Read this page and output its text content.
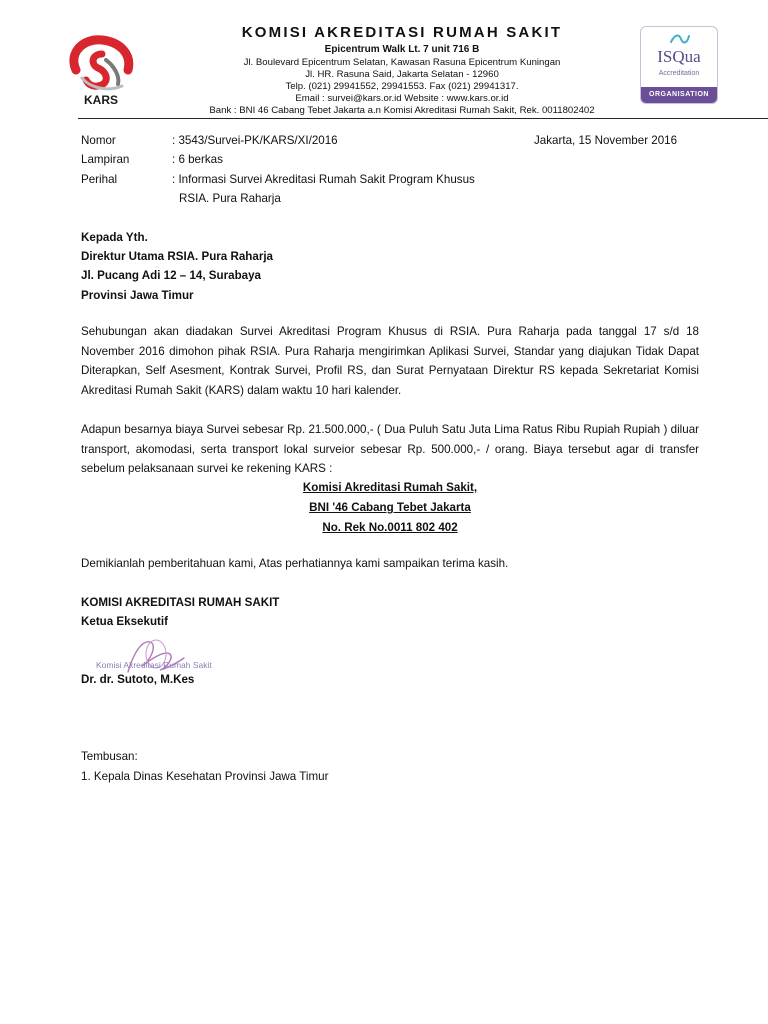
KARS
KOMISI AKREDITASI RUMAH SAKIT
Epicentrum Walk Lt. 7 unit 716 B
Jl. Boulevard Epicentrum Selatan, Kawasan Rasuna Epicentrum Kuningan
Jl. HR. Rasuna Said, Jakarta Selatan - 12960
Telp. (021) 29941552, 29941553. Fax (021) 29941317.
Email : survei@kars.or.id Website : www.kars.or.id
Bank : BNI 46 Cabang Tebet Jakarta a.n Komisi Akreditasi Rumah Sakit, Rek. 0011802402
ISQua
Accreditation
ORGANISATION
Nomor	: 3543/Survei-PK/KARS/XI/2016	Jakarta, 15 November 2016
Lampiran	: 6 berkas
Perihal	: Informasi Survei Akreditasi Rumah Sakit Program Khusus
RSIA. Pura Raharja
Kepada Yth.
Direktur Utama RSIA. Pura Raharja
Jl. Pucang Adi 12 – 14, Surabaya
Provinsi Jawa Timur
Sehubungan akan diadakan Survei Akreditasi Program Khusus di RSIA. Pura Raharja pada tanggal 17 s/d 18 November 2016 dimohon pihak RSIA. Pura Raharja mengirimkan Aplikasi Survei, Standar yang diajukan Tidak Dapat Diterapkan, Self Asesment, Kontrak Survei, Profil RS, dan Surat Pernyataan Direktur RS kepada Sekretariat Komisi Akreditasi Rumah Sakit (KARS) dalam waktu 10 hari kalender.
Adapun besarnya biaya Survei sebesar Rp. 21.500.000,- ( Dua Puluh Satu Juta Lima Ratus Ribu Rupiah Rupiah ) diluar transport, akomodasi, serta transport lokal surveior sebesar Rp. 500.000,- / orang. Biaya tersebut agar di transfer sebelum pelaksanaan survei ke rekening KARS :
Komisi Akreditasi Rumah Sakit,
BNI '46 Cabang Tebet Jakarta
No. Rek No.0011 802 402
Demikianlah pemberitahuan kami, Atas perhatiannya kami sampaikan terima kasih.
KOMISI AKREDITASI RUMAH SAKIT
Ketua Eksekutif
Komisi Akreditasi Rumah Sakit
Dr. dr. Sutoto, M.Kes
Tembusan:
1. Kepala Dinas Kesehatan Provinsi Jawa Timur
